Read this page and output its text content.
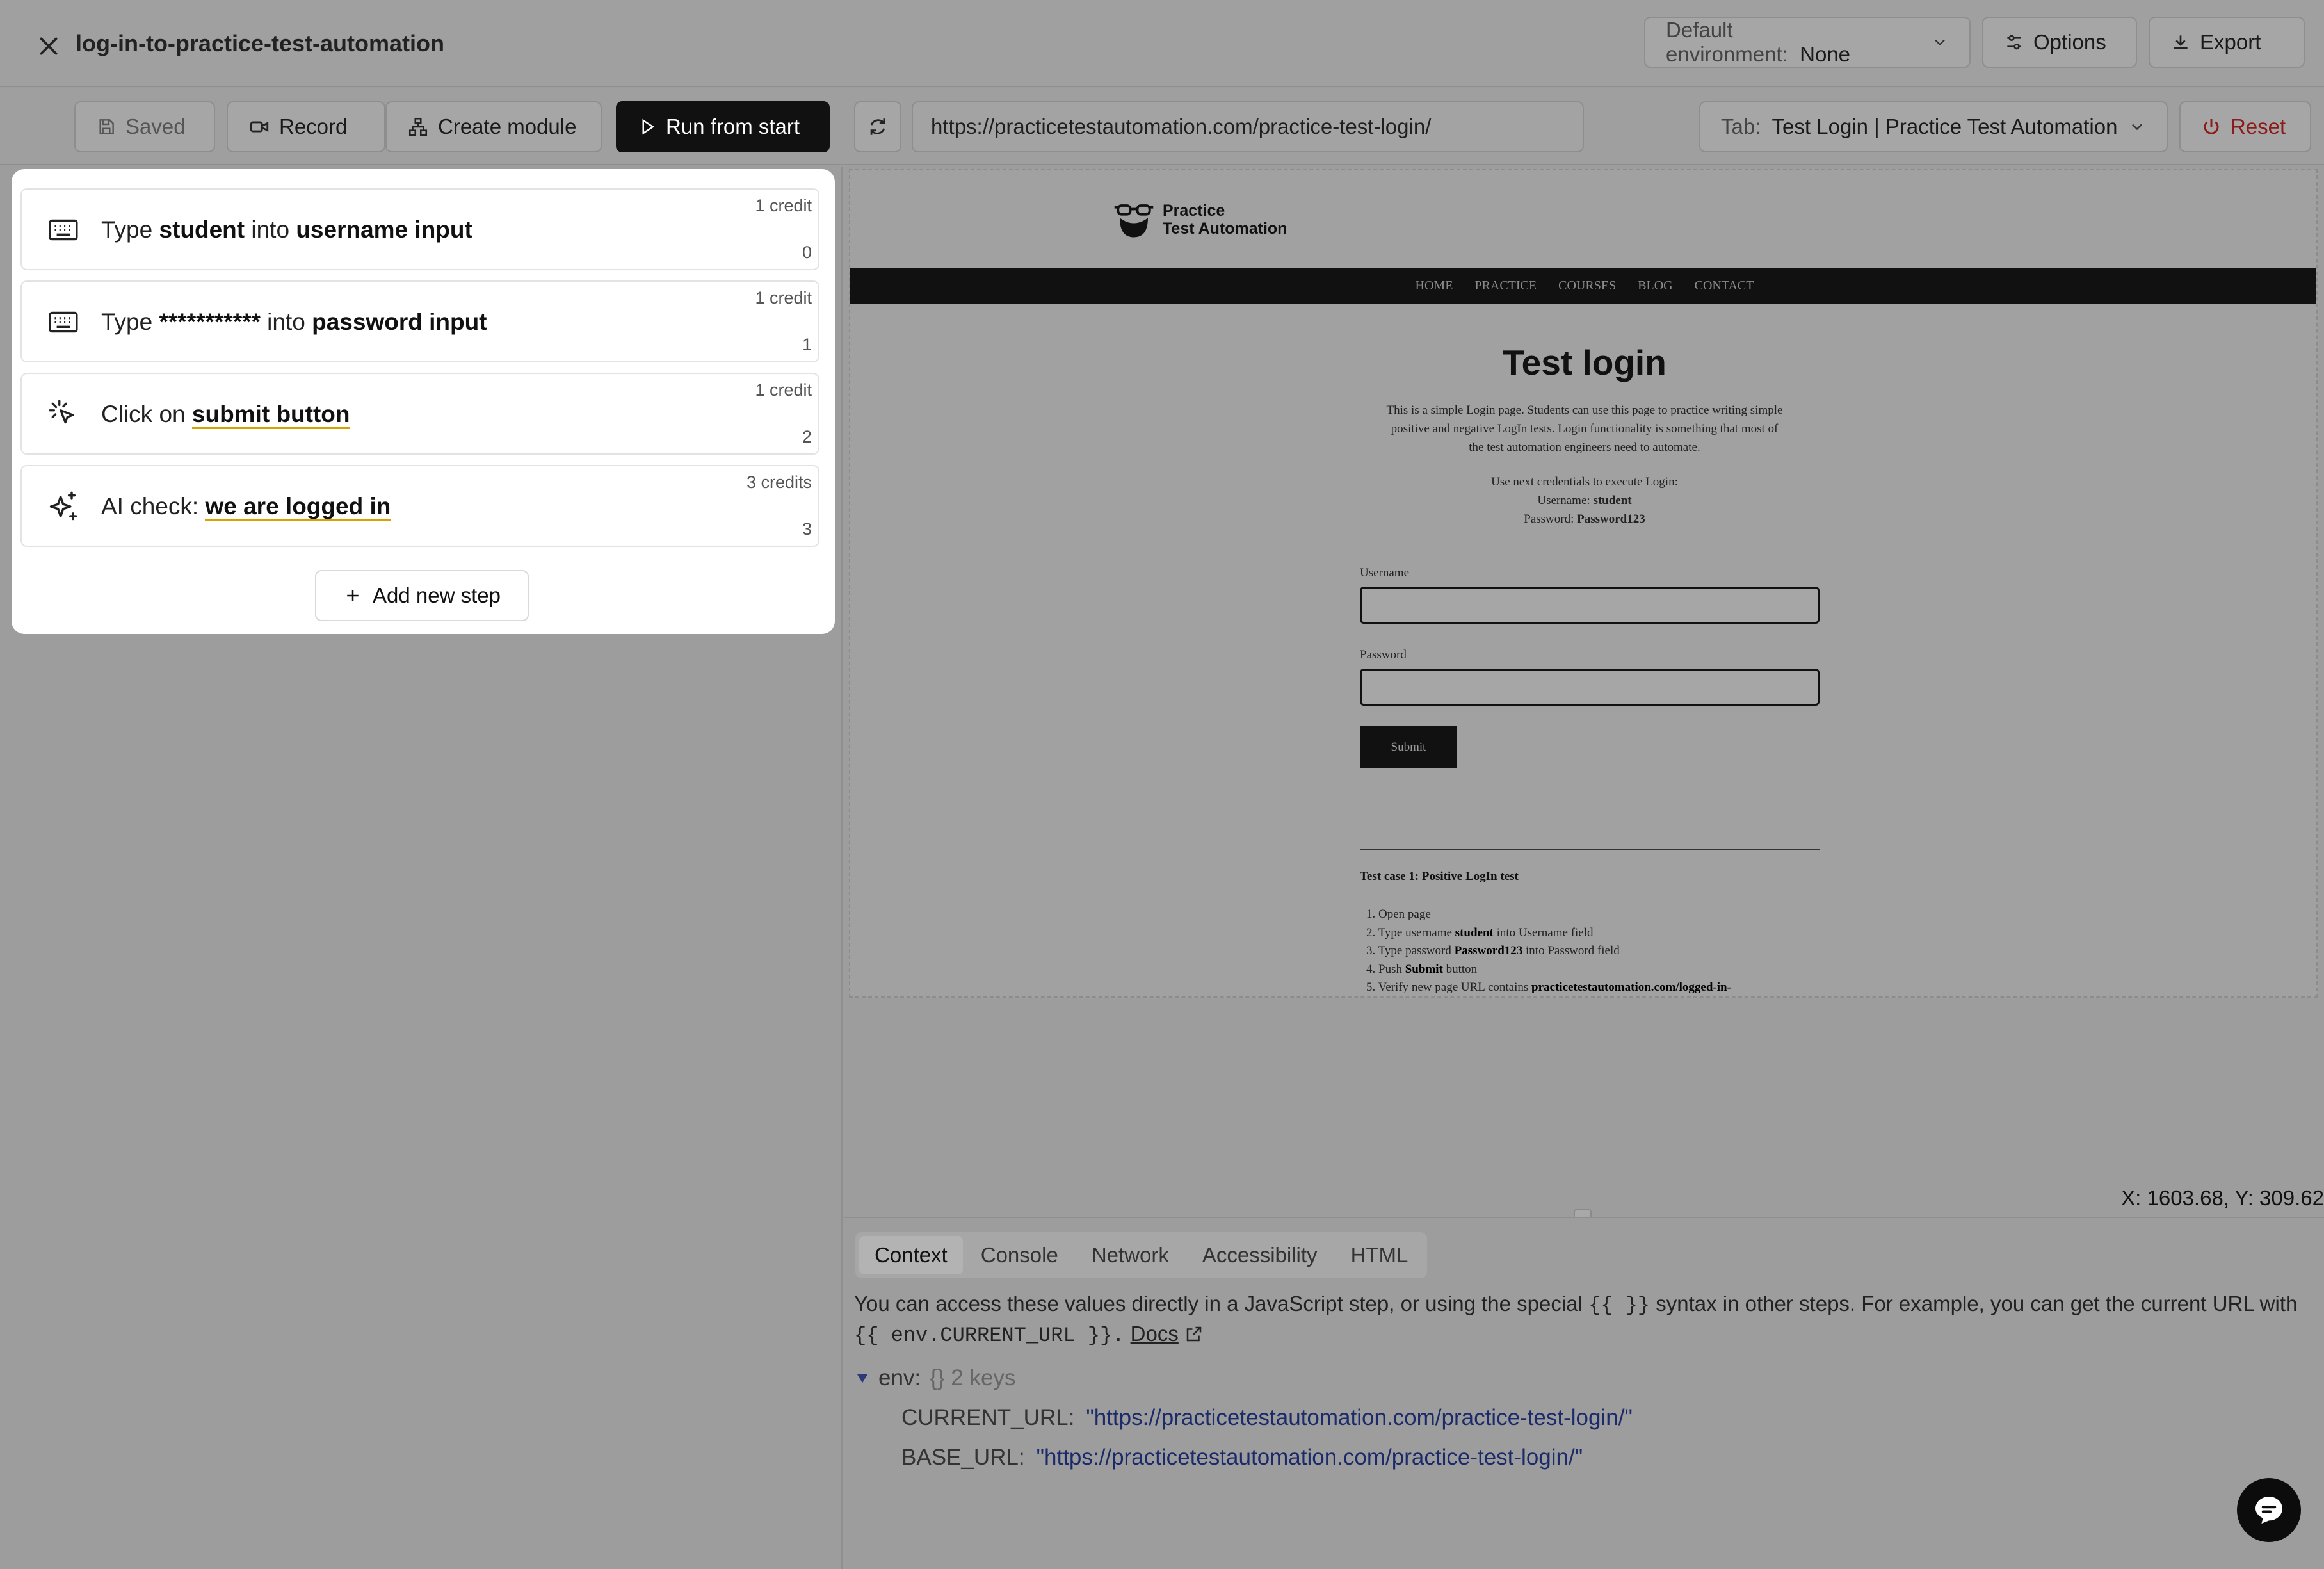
log-in-to-practice-test-automation
Default environment: None
Options	Export
Saved	Record	Create module	Run from start	https://practicetestautomation.com/practice-test-login/	Tab: Test Login | Practice Test Automation	Reset
Type student into username input
1 credit
0
Type *********** into password input
1 credit
1
Click on submit button
1 credit
2
AI check: we are logged in
3 credits
3
Add new step
Practice
Test Automation
HOME PRACTICE COURSES BLOG CONTACT
Test login
This is a simple Login page. Students can use this page to practice writing simple
positive and negative LogIn tests. Login functionality is something that most of
the test automation engineers need to automate.
Use next credentials to execute Login:
Username: student
Password: Password123
Username
Password
Submit
Test case 1: Positive LogIn test
1. Open page
2. Type username student into Username field
3. Type password Password123 into Password field
4. Push Submit button
5. Verify new page URL contains practicetestautomation.com/logged-in-
X: 1603.68, Y: 309.62
Context	Console	Network	Accessibility	HTML
You can access these values directly in a JavaScript step, or using the special {{ }} syntax in other steps. For example, you can get the current URL with
{{ env.CURRENT_URL }}. Docs
env: {} 2 keys
CURRENT_URL: "https://practicetestautomation.com/practice-test-login/"
BASE_URL: "https://practicetestautomation.com/practice-test-login/"
